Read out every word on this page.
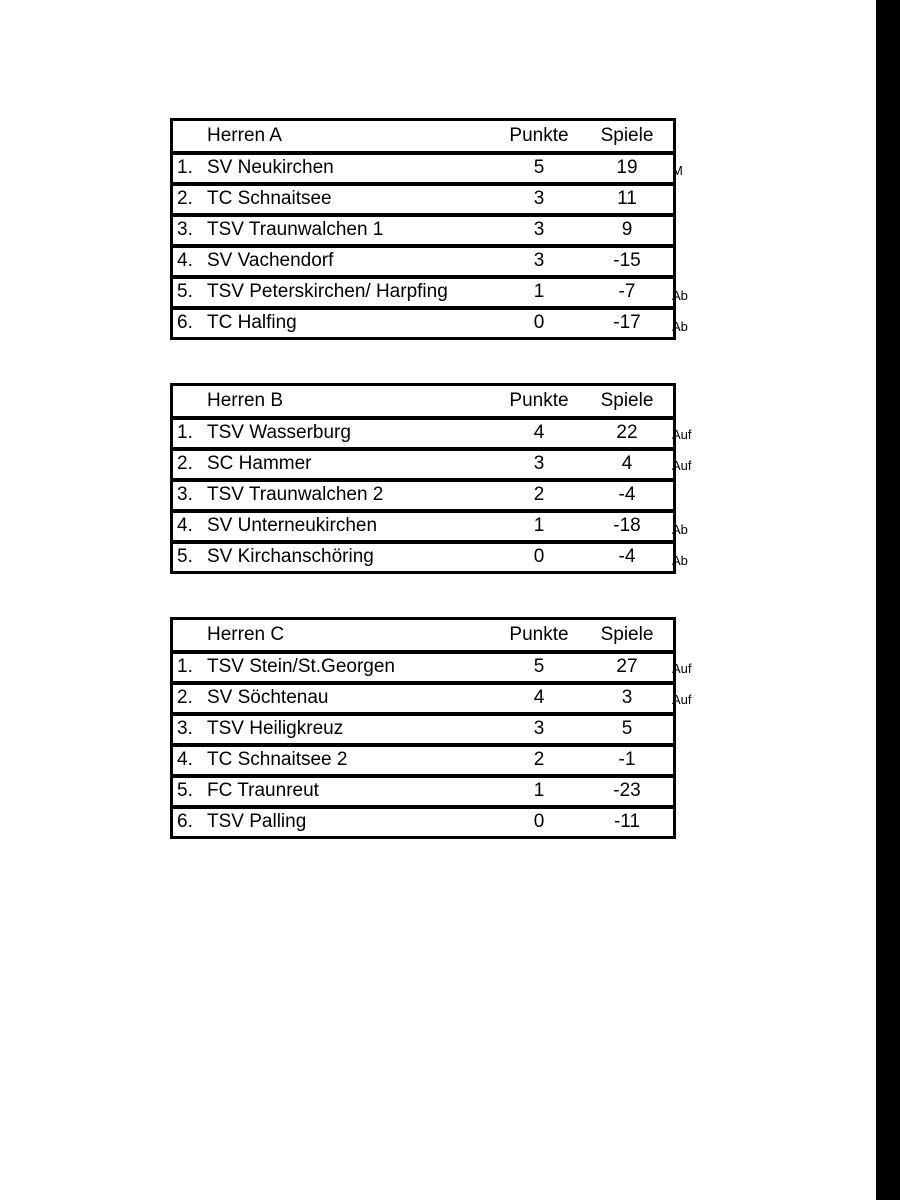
	Herren A	Punkte	Spiele
1.	SV Neukirchen	5	19
2.	TC Schnaitsee	3	11
3.	TSV Traunwalchen 1	3	9
4.	SV Vachendorf	3	-15
5.	TSV Peterskirchen/ Harpfing	1	-7
6.	TC Halfing	0	-17
M
Ab
Ab
	Herren B	Punkte	Spiele
1.	TSV Wasserburg	4	22
2.	SC Hammer	3	4
3.	TSV Traunwalchen 2	2	-4
4.	SV Unterneukirchen	1	-18
5.	SV Kirchanschöring	0	-4
Auf
Auf
Ab
Ab
	Herren C	Punkte	Spiele
1.	TSV Stein/St.Georgen	5	27
2.	SV Söchtenau	4	3
3.	TSV Heiligkreuz	3	5
4.	TC Schnaitsee 2	2	-1
5.	FC Traunreut	1	-23
6.	TSV Palling	0	-11
Auf
Auf
